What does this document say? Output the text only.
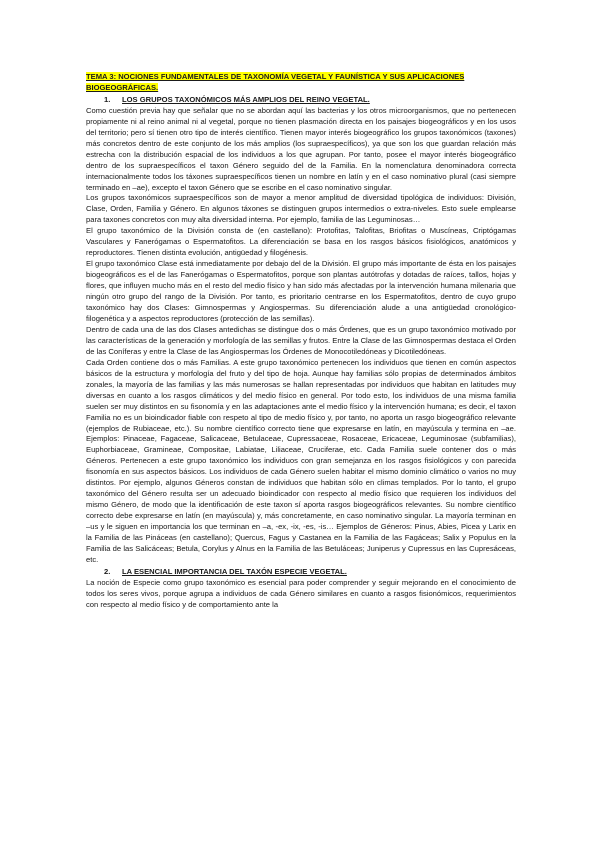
TEMA 3: NOCIONES FUNDAMENTALES DE TAXONOMÍA VEGETAL Y FAUNÍSTICA Y SUS APLICACIONES BIOGEOGRÁFICAS.
1. LOS GRUPOS TAXONÓMICOS MÁS AMPLIOS DEL REINO VEGETAL.

Como cuestión previa hay que señalar que no se abordan aquí las bacterias y los otros microorganismos, que no pertenecen propiamente ni al reino animal ni al vegetal, porque no tienen plasmación directa en los paisajes biogeográficos y en los usos del territorio; pero sí tienen otro tipo de interés científico. Tienen mayor interés biogeográfico los grupos taxonómicos (taxones) más concretos dentro de este conjunto de los más amplios (los supraespecíficos), ya que son los que guardan relación más estrecha con la distribución espacial de los individuos a los que agrupan. Por tanto, posee el mayor interés biogeográfico dentro de los supraespecíficos el taxon Género seguido del de la Familia. En la nomenclatura denominadora correcta internacionalmente todos los táxones supraespecíficos tienen un nombre en latín y en el caso nominativo plural (casi siempre terminado en –ae), excepto el taxon Género que se escribe en el caso nominativo singular.

Los grupos taxonómicos supraespecíficos son de mayor a menor amplitud de diversidad tipológica de individuos: División, Clase, Orden, Familia y Género. En algunos táxones se distinguen grupos intermedios o extra-niveles. Esto suele emplearse para taxones concretos con muy alta diversidad interna. Por ejemplo, familia de las Leguminosas…

El grupo taxonómico de la División consta de (en castellano): Protofitas, Talofitas, Briofitas o Muscíneas, Criptógamas Vasculares y Fanerógamas o Espermatofitos. La diferenciación se basa en los rasgos básicos fisiológicos, anatómicos y reproductores. Tienen distinta evolución, antigüedad y filogénesis.

El grupo taxonómico Clase está inmediatamente por debajo del de la División. El grupo más importante de ésta en los paisajes biogeográficos es el de las Fanerógamas o Espermatofitos, porque son plantas autótrofas y dotadas de raíces, tallos, hojas y flores, que influyen mucho más en el resto del medio físico y han sido más afectadas por la intervención humana milenaria que ningún otro grupo del rango de la División. Por tanto, es prioritario centrarse en los Espermatofitos, dentro de cuyo grupo taxonómico hay dos Clases: Gimnospermas y Angiospermas. Su diferenciación alude a una antigüedad cronológico-filogenética y a aspectos reproductores (protección de las semillas).

Dentro de cada una de las dos Clases antedichas se distingue dos o más Órdenes, que es un grupo taxonómico motivado por las características de la generación y morfología de las semillas y frutos. Entre la Clase de las Gimnospermas destaca el Orden de las Coníferas y entre la Clase de las Angiospermas los Órdenes de Monocotiledóneas y Dicotiledóneas.

Cada Orden contiene dos o más Familias. A este grupo taxonómico pertenecen los individuos que tienen en común aspectos básicos de la estructura y morfología del fruto y del tipo de hoja. Aunque hay familias sólo propias de determinados ámbitos zonales, la mayoría de las familias y las más numerosas se hallan representadas por individuos que habitan en latitudes muy diversas en cuanto a los rasgos climáticos y del medio físico en general. Por todo esto, los individuos de una misma familia suelen ser muy distintos en su fisonomía y en las adaptaciones ante el medio físico y la intervención humana; es decir, el taxon Familia no es un bioindicador fiable con respeto al tipo de medio físico y, por tanto, no aporta un rasgo biogeográfico relevante (ejemplos de Rubiaceae, etc.). Su nombre científico correcto tiene que expresarse en latín, en mayúscula y termina en –ae. Ejemplos: Pinaceae, Fagaceae, Salicaceae, Betulaceae, Cupressaceae, Rosaceae, Ericaceae, Leguminosae (subfamilias), Euphorbiaceae, Gramineae, Compositae, Labiatae, Liliaceae, Cruciferae, etc. Cada Familia suele contener dos o más Géneros. Pertenecen a este grupo taxonómico los individuos con gran semejanza en los rasgos fisiológicos y con parecida fisonomía en sus aspectos básicos. Los individuos de cada Género suelen habitar el mismo dominio climático o varios no muy distintos. Por ejemplo, algunos Géneros constan de individuos que habitan sólo en climas templados. Por lo tanto, el grupo taxonómico del Género resulta ser un adecuado bioindicador con respecto al medio físico que requieren los individuos del mismo Género, de modo que la identificación de este taxon sí aporta rasgos biogeográficos relevantes. Su nombre científico correcto debe expresarse en latín (en mayúscula) y, más concretamente, en caso nominativo singular. La mayoría terminan en –us y le siguen en importancia los que terminan en –a, -ex, -ix, -es, -is… Ejemplos de Géneros: Pinus, Abies, Picea y Larix en la Familia de las Pináceas (en castellano); Quercus, Fagus y Castanea en la Familia de las Fagáceas; Salix y Populus en la Familia de las Salicáceas; Betula, Corylus y Alnus en la Familia de las Betuláceas; Juniperus y Cupressus en las Cupresáceas, etc.

2. LA ESENCIAL IMPORTANCIA DEL TAXÓN ESPECIE VEGETAL.

La noción de Especie como grupo taxonómico es esencial para poder comprender y seguir mejorando en el conocimiento de todos los seres vivos, porque agrupa a individuos de cada Género similares en cuanto a rasgos fisionómicos, requerimientos con respecto al medio físico y de comportamiento ante la
